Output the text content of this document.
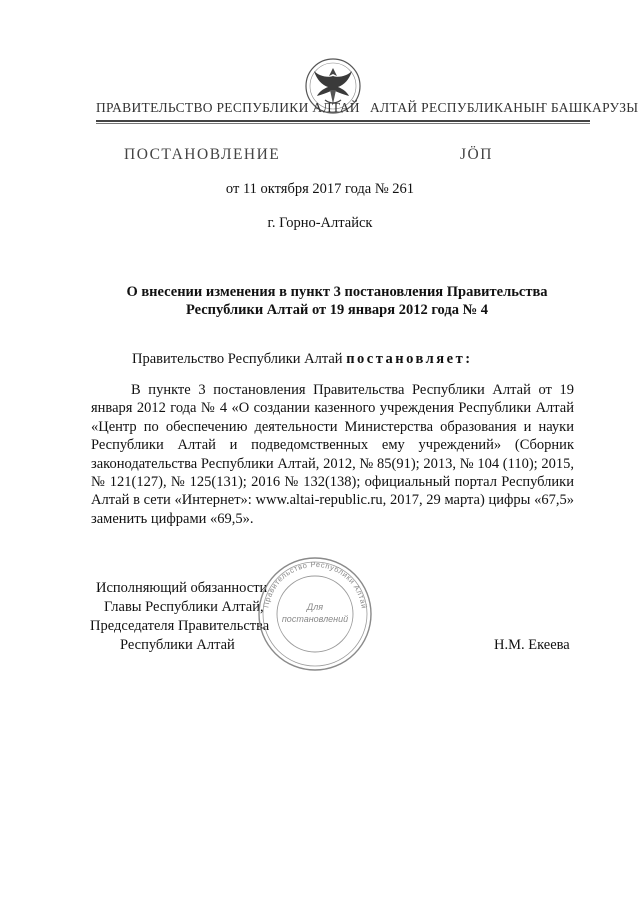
ПРАВИТЕЛЬСТВО РЕСПУБЛИКИ АЛТАЙ АЛТАЙ РЕСПУБЛИКАНЫҤ БАШКАРУЗЫ
ПОСТАНОВЛЕНИЕ	ЈӦП
от 11 октября 2017 года № 261
г. Горно-Алтайск
О внесении изменения в пункт 3 постановления Правительства Республики Алтай от 19 января 2012 года № 4
Правительство Республики Алтай постановляет:
В пункте 3 постановления Правительства Республики Алтай от 19 января 2012 года № 4 «О создании казенного учреждения Республики Алтай «Центр по обеспечению деятельности Министерства образования и науки Республики Алтай и подведомственных ему учреждений» (Сборник законодательства Республики Алтай, 2012, № 85(91); 2013, № 104 (110); 2015, № 121(127), № 125(131); 2016 № 132(138); официальный портал Республики Алтай в сети «Интернет»: www.altai-republic.ru, 2017, 29 марта) цифры «67,5» заменить цифрами «69,5».
Исполняющий обязанности
Главы Республики Алтай,
Председателя Правительства
Республики Алтай	Н.М. Екеева
Правительство Республики Алтай
Для
постановлений
